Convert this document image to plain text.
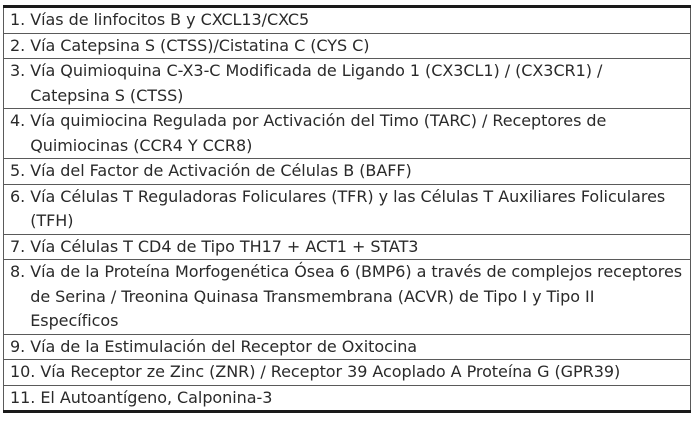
1.
Vías de linfocitos B y CXCL13/CXC5

2.
Vía Catepsina S (CTSS)/Cistatina C (CYS C)

3.
Vía Quimioquina C-X3-C Modificada de Ligando 1 (CX3CL1) / (CX3CR1) / Catepsina S (CTSS)

4.
Vía quimiocina Regulada por Activación del Timo (TARC) / Receptores de Quimiocinas (CCR4 Y CCR8)

5.
Vía del Factor de Activación de Células B (BAFF)

6.
Vía Células T Reguladoras Foliculares (TFR) y las Células T Auxiliares Foliculares (TFH)

7.
Vía Células T CD4 de Tipo TH17 + ACT1 + STAT3

8.
Vía de la Proteína Morfogenética Ósea 6 (BMP6) a través de complejos receptores de Serina / Treonina Quinasa Transmembrana (ACVR) de Tipo I y Tipo II Específicos

9.
Vía de la Estimulación del Receptor de Oxitocina

10.
Vía Receptor ze Zinc (ZNR) / Receptor 39 Acoplado A Proteína G (GPR39)

11.
El Autoantígeno, Calponina-3
